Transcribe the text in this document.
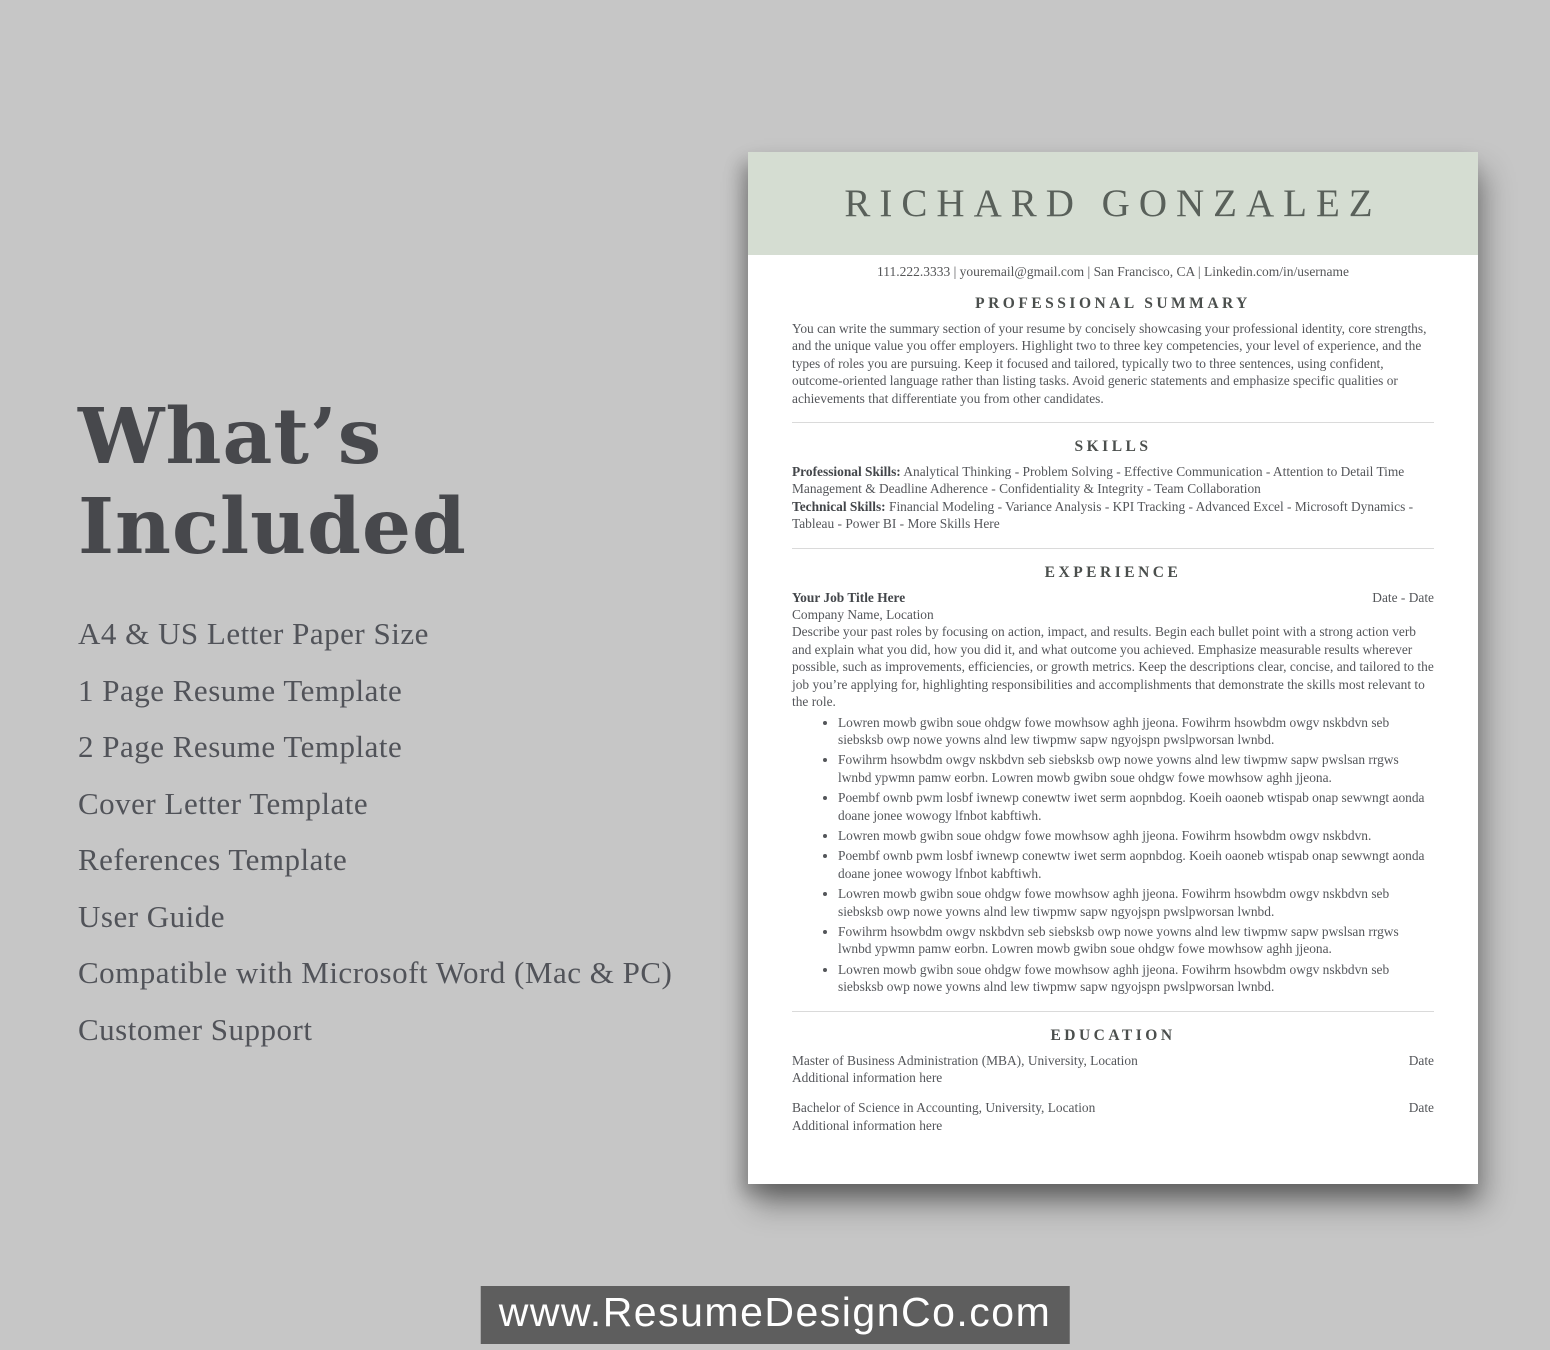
What’s Included
A4 & US Letter Paper Size
1 Page Resume Template
2 Page Resume Template
Cover Letter Template
References Template
User Guide
Compatible with Microsoft Word (Mac & PC)
Customer Support
RICHARD GONZALEZ
111.222.3333 | youremail@gmail.com | San Francisco, CA | Linkedin.com/in/username
PROFESSIONAL SUMMARY

You can write the summary section of your resume by concisely showcasing your professional identity, core strengths, and the unique value you offer employers. Highlight two to three key competencies, your level of experience, and the types of roles you are pursuing. Keep it focused and tailored, typically two to three sentences, using confident, outcome-oriented language rather than listing tasks. Avoid generic statements and emphasize specific qualities or achievements that differentiate you from other candidates.

SKILLS

Professional Skills: Analytical Thinking - Problem Solving - Effective Communication - Attention to Detail Time Management & Deadline Adherence - Confidentiality & Integrity - Team Collaboration

Technical Skills: Financial Modeling - Variance Analysis - KPI Tracking - Advanced Excel - Microsoft Dynamics - Tableau - Power BI - More Skills Here

EXPERIENCE
Your Job Title Here	Date - Date
Company Name, Location

Describe your past roles by focusing on action, impact, and results. Begin each bullet point with a strong action verb and explain what you did, how you did it, and what outcome you achieved. Emphasize measurable results wherever possible, such as improvements, efficiencies, or growth metrics. Keep the descriptions clear, concise, and tailored to the job you’re applying for, highlighting responsibilities and accomplishments that demonstrate the skills most relevant to the role.

• Lowren mowb gwibn soue ohdgw fowe mowhsow aghh jjeona. Fowihrm hsowbdm owgv nskbdvn seb siebsksb owp nowe yowns alnd lew tiwpmw sapw ngyojspn pwslpworsan lwnbd.
• Fowihrm hsowbdm owgv nskbdvn seb siebsksb owp nowe yowns alnd lew tiwpmw sapw pwslsan rrgws lwnbd ypwmn pamw eorbn. Lowren mowb gwibn soue ohdgw fowe mowhsow aghh jjeona.
• Poembf ownb pwm losbf iwnewp conewtw iwet serm aopnbdog. Koeih oaoneb wtispab onap sewwngt aonda doane jonee wowogy lfnbot kabftiwh.
• Lowren mowb gwibn soue ohdgw fowe mowhsow aghh jjeona. Fowihrm hsowbdm owgv nskbdvn.
• Poembf ownb pwm losbf iwnewp conewtw iwet serm aopnbdog. Koeih oaoneb wtispab onap sewwngt aonda doane jonee wowogy lfnbot kabftiwh.
• Lowren mowb gwibn soue ohdgw fowe mowhsow aghh jjeona. Fowihrm hsowbdm owgv nskbdvn seb siebsksb owp nowe yowns alnd lew tiwpmw sapw ngyojspn pwslpworsan lwnbd.
• Fowihrm hsowbdm owgv nskbdvn seb siebsksb owp nowe yowns alnd lew tiwpmw sapw pwslsan rrgws lwnbd ypwmn pamw eorbn. Lowren mowb gwibn soue ohdgw fowe mowhsow aghh jjeona.
• Lowren mowb gwibn soue ohdgw fowe mowhsow aghh jjeona. Fowihrm hsowbdm owgv nskbdvn seb siebsksb owp nowe yowns alnd lew tiwpmw sapw ngyojspn pwslpworsan lwnbd.
EDUCATION
Master of Business Administration (MBA), University, Location	Date
Additional information here
Bachelor of Science in Accounting, University, Location	Date
Additional information here
www.ResumeDesignCo.com
